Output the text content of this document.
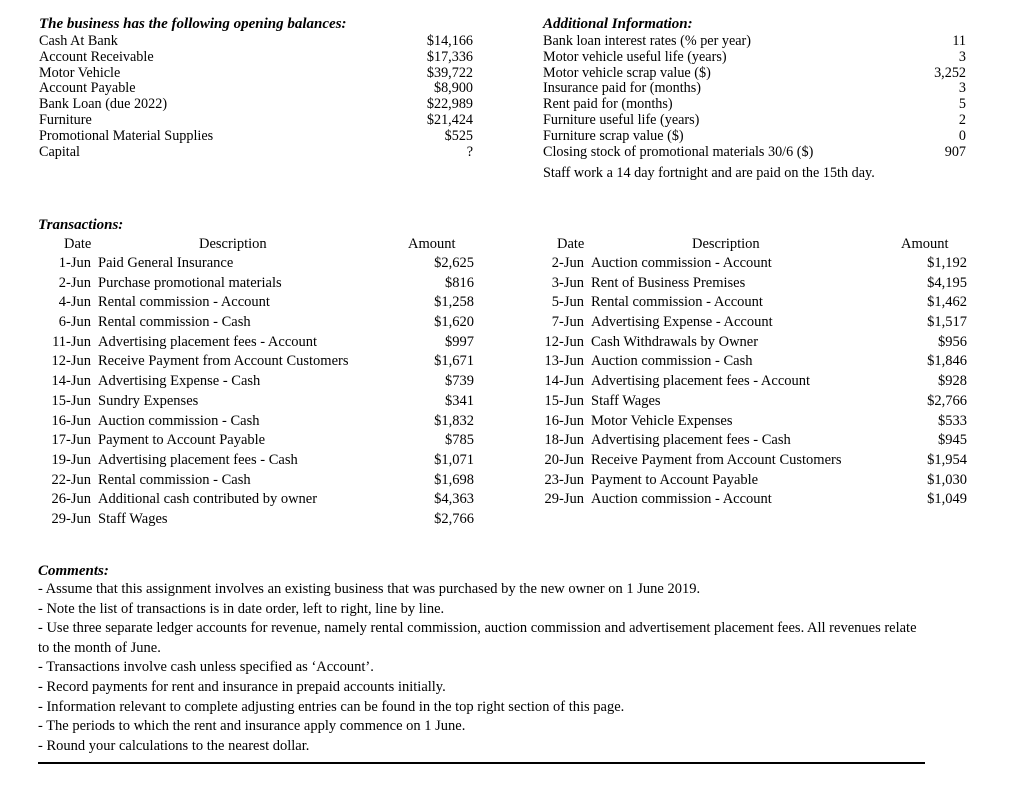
The business has the following opening balances:
Cash At Bank	$14,166
Account Receivable	$17,336
Motor Vehicle	$39,722
Account Payable	$8,900
Bank Loan (due 2022)	$22,989
Furniture	$21,424
Promotional Material Supplies	$525
Capital	?
Additional Information:
Bank loan interest rates (% per year)	11
Motor vehicle useful life (years)	3
Motor vehicle scrap value ($)	3,252
Insurance paid for (months)	3
Rent paid for (months)	5
Furniture useful life (years)	2
Furniture scrap value ($)	0
Closing stock of promotional materials 30/6 ($)	907
Staff work a 14 day fortnight and are paid on the 15th day.
Transactions:
Date	Description	Amount	Date	Description	Amount
1-Jun Paid General Insurance	$2,625
2-Jun Purchase promotional materials	$816
4-Jun Rental commission - Account	$1,258
6-Jun Rental commission - Cash	$1,620
11-Jun Advertising placement fees - Account	$997
12-Jun Receive Payment from Account Customers	$1,671
14-Jun Advertising Expense - Cash	$739
15-Jun Sundry Expenses	$341
16-Jun Auction commission - Cash	$1,832
17-Jun Payment to Account Payable	$785
19-Jun Advertising placement fees - Cash	$1,071
22-Jun Rental commission - Cash	$1,698
26-Jun Additional cash contributed by owner	$4,363
29-Jun Staff Wages	$2,766
2-Jun Auction commission - Account	$1,192
3-Jun Rent of Business Premises	$4,195
5-Jun Rental commission - Account	$1,462
7-Jun Advertising Expense - Account	$1,517
12-Jun Cash Withdrawals by Owner	$956
13-Jun Auction commission - Cash	$1,846
14-Jun Advertising placement fees - Account	$928
15-Jun Staff Wages	$2,766
16-Jun Motor Vehicle Expenses	$533
18-Jun Advertising placement fees - Cash	$945
20-Jun Receive Payment from Account Customers	$1,954
23-Jun Payment to Account Payable	$1,030
29-Jun Auction commission - Account	$1,049
Comments:
- Assume that this assignment involves an existing business that was purchased by the new owner on 1 June 2019.
- Note the list of transactions is in date order, left to right, line by line.
- Use three separate ledger accounts for revenue, namely rental commission, auction commission and advertisement placement fees. All revenues relate to the month of June.
- Transactions involve cash unless specified as ‘Account’.
- Record payments for rent and insurance in prepaid accounts initially.
- Information relevant to complete adjusting entries can be found in the top right section of this page.
- The periods to which the rent and insurance apply commence on 1 June.
- Round your calculations to the nearest dollar.
